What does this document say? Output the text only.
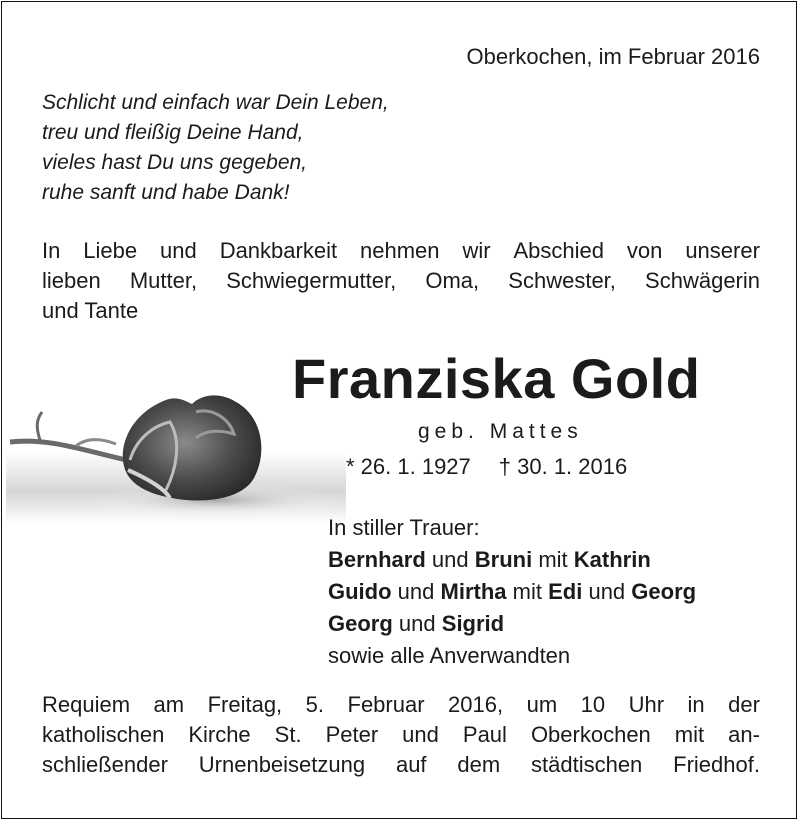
Oberkochen, im Februar 2016
Schlicht und einfach war Dein Leben,
treu und fleißig Deine Hand,
vieles hast Du uns gegeben,
ruhe sanft und habe Dank!
In Liebe und Dankbarkeit nehmen wir Abschied von unserer
lieben Mutter, Schwiegermutter, Oma, Schwester, Schwägerin
und Tante
Franziska Gold
geb. Mattes
* 26. 1. 1927 † 30. 1. 2016
In stiller Trauer:
Bernhard und Bruni mit Kathrin
Guido und Mirtha mit Edi und Georg
Georg und Sigrid
sowie alle Anverwandten
Requiem am Freitag, 5. Februar 2016, um 10 Uhr in der
katholischen Kirche St. Peter und Paul Oberkochen mit an-
schließender Urnenbeisetzung auf dem städtischen Friedhof.
